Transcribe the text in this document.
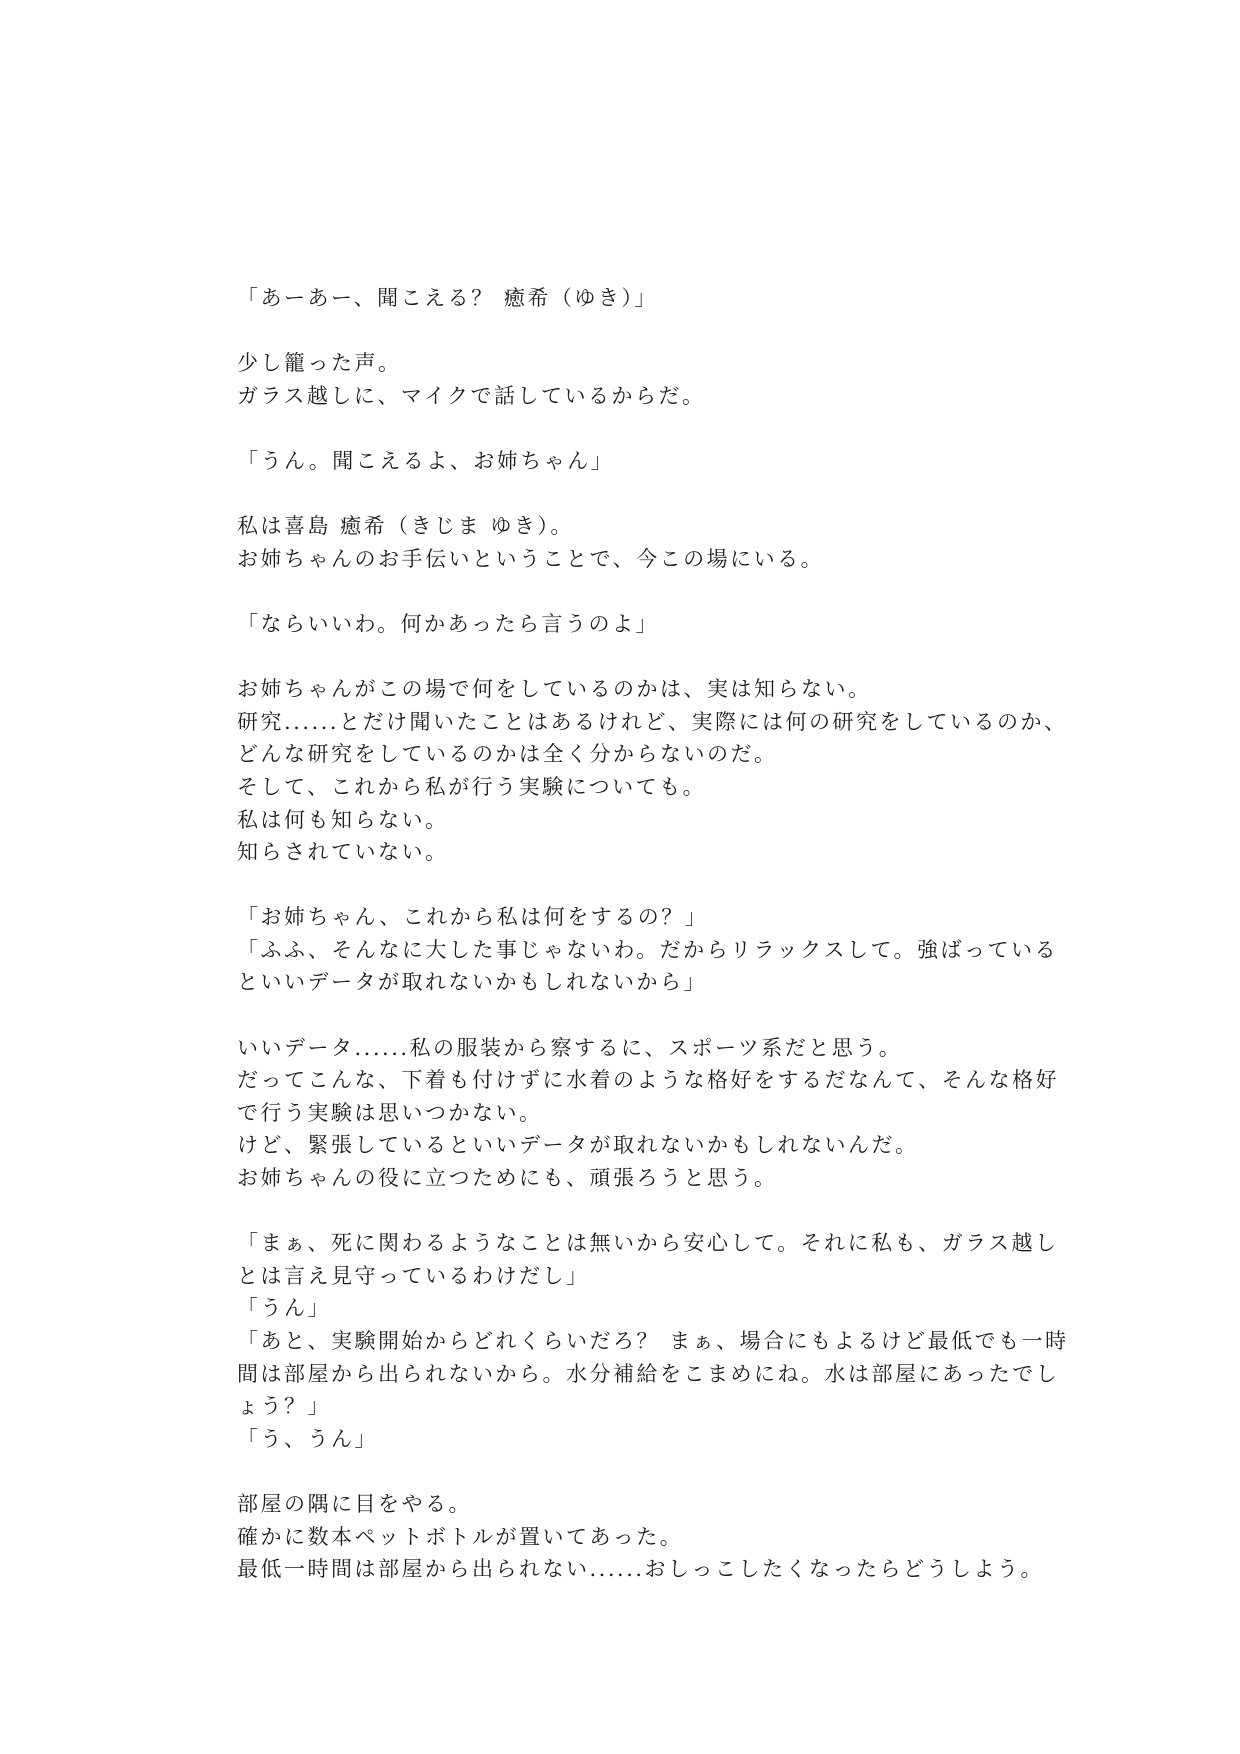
「あーあー、聞こえる？ 癒希（ゆき）」
少し籠った声。
ガラス越しに、マイクで話しているからだ。
「うん。聞こえるよ、お姉ちゃん」
私は喜島 癒希（きじま ゆき）。
お姉ちゃんのお手伝いということで、今この場にいる。
「ならいいわ。何かあったら言うのよ」
お姉ちゃんがこの場で何をしているのかは、実は知らない。
研究......とだけ聞いたことはあるけれど、実際には何の研究をしているのか、
どんな研究をしているのかは全く分からないのだ。
そして、これから私が行う実験についても。
私は何も知らない。
知らされていない。
「お姉ちゃん、これから私は何をするの？」
「ふふ、そんなに大した事じゃないわ。だからリラックスして。強ばっている
といいデータが取れないかもしれないから」
いいデータ......私の服装から察するに、スポーツ系だと思う。
だってこんな、下着も付けずに水着のような格好をするだなんて、そんな格好
で行う実験は思いつかない。
けど、緊張しているといいデータが取れないかもしれないんだ。
お姉ちゃんの役に立つためにも、頑張ろうと思う。
「まぁ、死に関わるようなことは無いから安心して。それに私も、ガラス越し
とは言え見守っているわけだし」
「うん」
「あと、実験開始からどれくらいだろ？ まぁ、場合にもよるけど最低でも一時
間は部屋から出られないから。水分補給をこまめにね。水は部屋にあったでし
ょう？」
「う、うん」
部屋の隅に目をやる。
確かに数本ペットボトルが置いてあった。
最低一時間は部屋から出られない......おしっこしたくなったらどうしよう。
